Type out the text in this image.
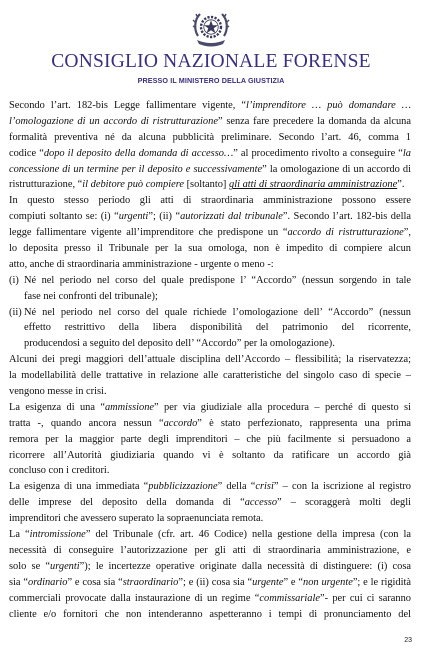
CONSIGLIO NAZIONALE FORENSE
PRESSO IL MINISTERO DELLA GIUSTIZIA
Secondo l’art. 182-bis Legge fallimentare vigente, “l’imprenditore … può domandare …
l’omologazione di un accordo di ristrutturazione” senza fare precedere la domanda da alcuna
formalità preventiva né da alcuna pubblicità preliminare. Secondo l’art. 46, comma 1
codice “dopo il deposito della domanda di accesso…” al procedimento rivolto a conseguire “la
concessione di un termine per il deposito e successivamente” la omologazione di un accordo di
ristrutturazione, “il debitore può compiere [soltanto] gli atti di straordinaria amministrazione”.
In questo stesso periodo gli atti di straordinaria amministrazione possono essere
compiuti soltanto se: (i) “urgenti”; (ii) “autorizzati dal tribunale”. Secondo l’art. 182-bis della
legge fallimentare vigente all’imprenditore che predispone un “accordo di ristrutturazione”,
lo deposita presso il Tribunale per la sua omologa, non è impedito di compiere alcun
atto, anche di straordinaria amministrazione - urgente o meno -:
(i) Né nel periodo nel corso del quale predispone l’ “Accordo” (nessun sorgendo in tale
fase nei confronti del tribunale);
(ii) Né nel periodo nel corso del quale richiede l’omologazione dell’ “Accordo” (nessun
effetto restrittivo della libera disponibilità del patrimonio del ricorrente,
producendosi a seguito del deposito dell’ “Accordo” per la omologazione).
Alcuni dei pregi maggiori dell’attuale disciplina dell’Accordo – flessibilità; la riservatezza;
la modellabilità delle trattative in relazione alle caratteristiche del singolo caso di specie –
vengono messe in crisi.
La esigenza di una “ammissione” per via giudiziale alla procedura – perché di questo si
tratta -, quando ancora nessun “accordo” è stato perfezionato, rappresenta una prima
remora per la maggior parte degli imprenditori – che più facilmente si persuadono a
ricorrere all’Autorità giudiziaria quando vi è soltanto da ratificare un accordo già
concluso con i creditori.
La esigenza di una immediata “pubblicizzazione” della “crisi” – con la iscrizione al registro
delle imprese del deposito della domanda di “accesso” – scoraggerà molti degli
imprenditori che avessero superato la sopraenunciata remota.
La “intromissione” del Tribunale (cfr. art. 46 Codice) nella gestione della impresa (con la
necessità di conseguire l’autorizzazione per gli atti di straordinaria amministrazione, e
solo se “urgenti”); le incertezze operative originate dalla necessità di distinguere: (i) cosa
sia “ordinario” e cosa sia “straordinario”; e (ii) cosa sia “urgente” e “non urgente”; e le rigidità
commerciali provocate dalla instaurazione di un regime “commissariale”- per cui ci saranno
cliente e/o fornitori che non intenderanno aspetteranno i tempi di pronunciamento del
23
